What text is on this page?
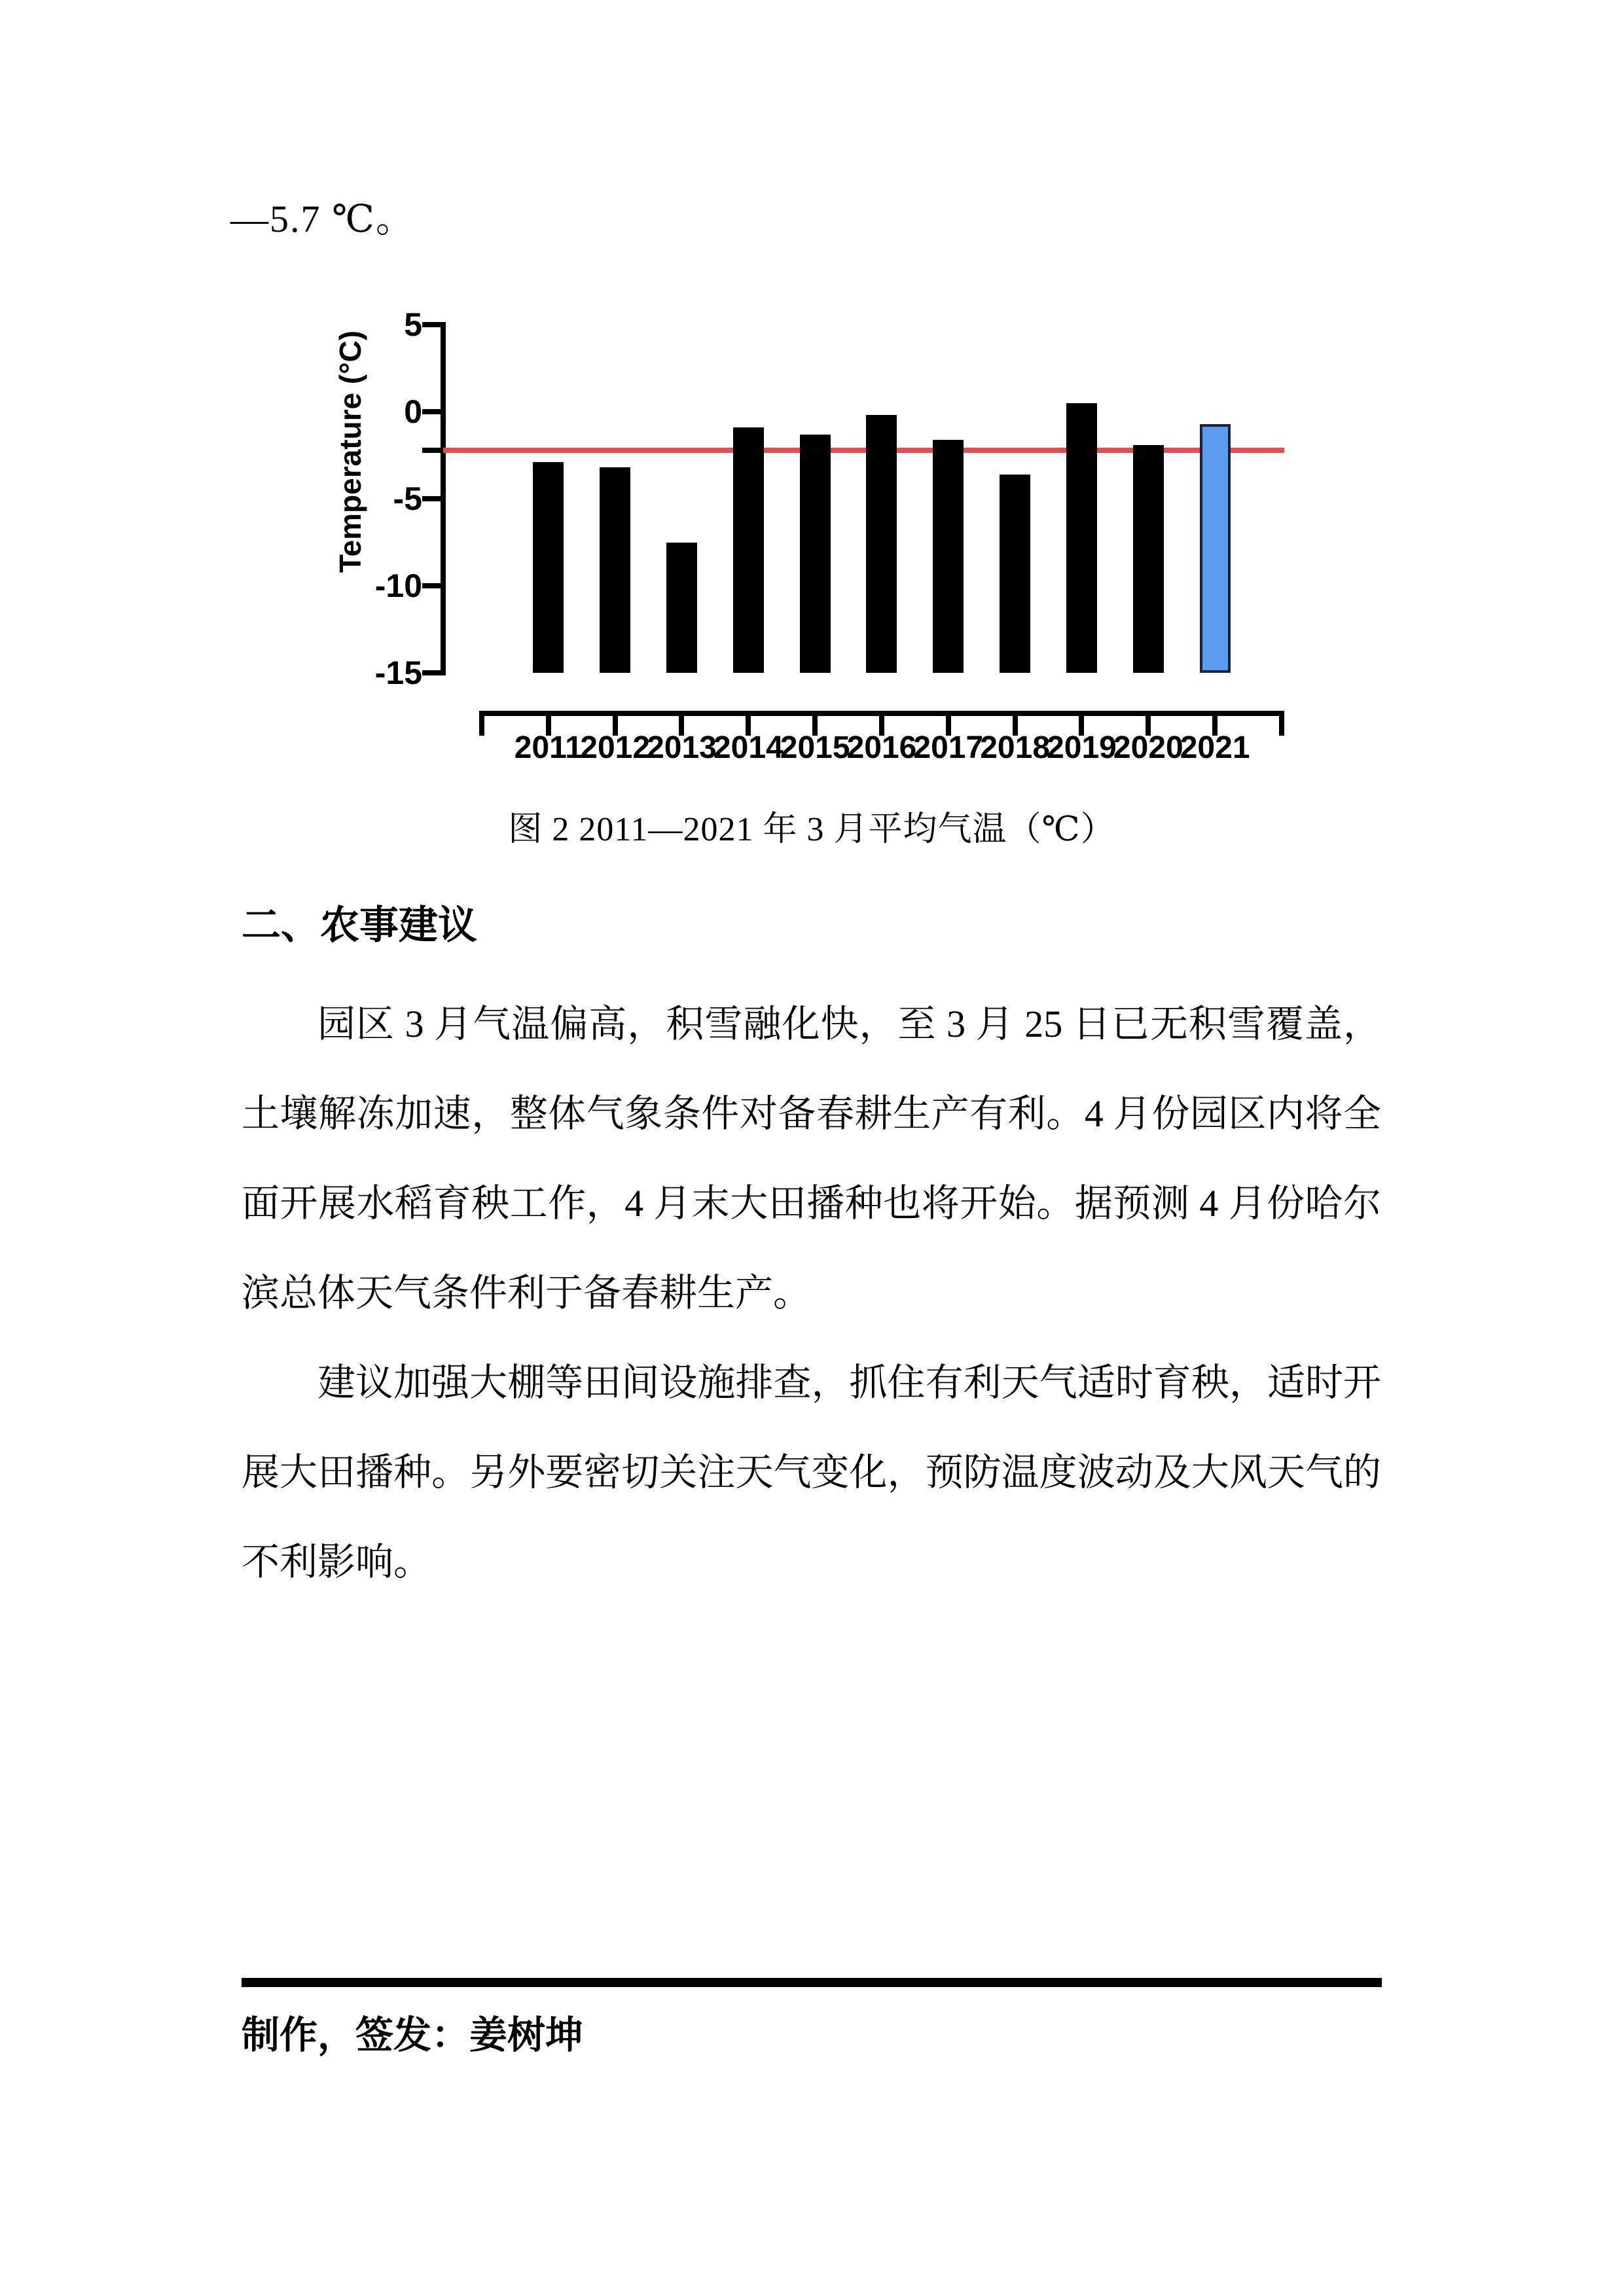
—5.7 ℃。
5
0
-5
-10
-15
Temperature (°C)
2011
2012
2013
2014
2015
2016
2017
2018
2019
2020
2021
图 2 2011—2021 年 3 月平均气温（℃）
二、农事建议

园区 3 月气温偏高，积雪融化快，至 3 月 25 日已无积雪覆盖，土壤解冻加速，整体气象条件对备春耕生产有利。4 月份园区内将全面开展水稻育秧工作，4 月末大田播种也将开始。据预测 4 月份哈尔滨总体天气条件利于备春耕生产。

建议加强大棚等田间设施排查，抓住有利天气适时育秧，适时开展大田播种。另外要密切关注天气变化，预防温度波动及大风天气的不利影响。

制作，签发：姜树坤
